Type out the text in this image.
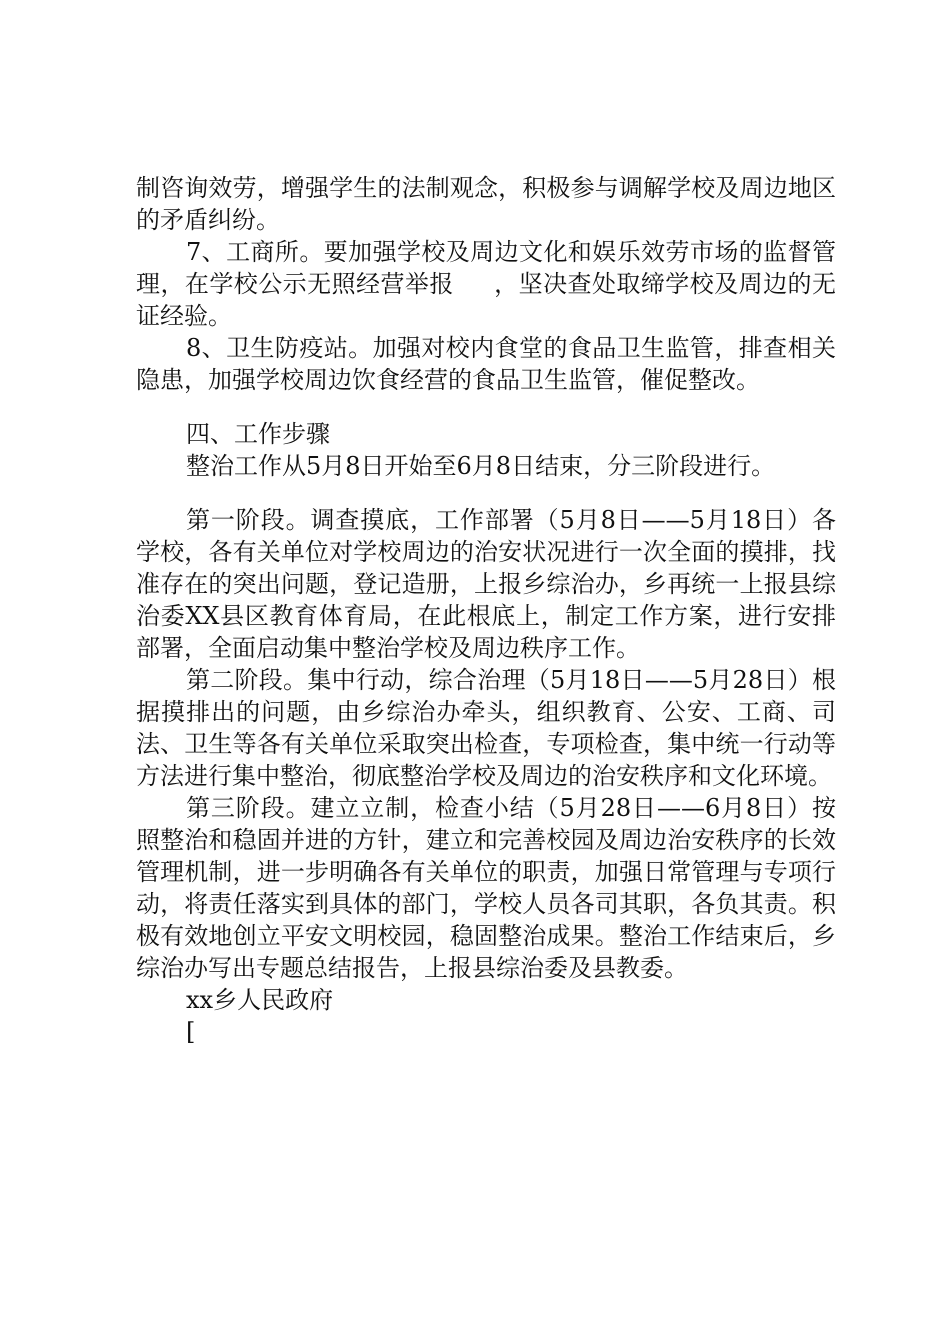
制咨询效劳，增强学生的法制观念，积极参与调解学校及周边地区的矛盾纠纷。

7、工商所。要加强学校及周边文化和娱乐效劳市场的监督管理，在学校公示无照经营举报     ，坚决查处取缔学校及周边的无证经验。

8、卫生防疫站。加强对校内食堂的食品卫生监管，排查相关隐患，加强学校周边饮食经营的食品卫生监管，催促整改。

四、工作步骤

整治工作从5月8日开始至6月8日结束，分三阶段进行。

第一阶段。调查摸底，工作部署（5月8日——5月18日）各学校，各有关单位对学校周边的治安状况进行一次全面的摸排，找准存在的突出问题，登记造册，上报乡综治办，乡再统一上报县综治委XX县区教育体育局，在此根底上，制定工作方案，进行安排部署，全面启动集中整治学校及周边秩序工作。

第二阶段。集中行动，综合治理（5月18日——5月28日）根据摸排出的问题，由乡综治办牵头，组织教育、公安、工商、司法、卫生等各有关单位采取突出检查，专项检查，集中统一行动等方法进行集中整治，彻底整治学校及周边的治安秩序和文化环境。

第三阶段。建立立制，检查小结（5月28日——6月8日）按照整治和稳固并进的方针，建立和完善校园及周边治安秩序的长效管理机制，进一步明确各有关单位的职责，加强日常管理与专项行动，将责任落实到具体的部门，学校人员各司其职，各负其责。积极有效地创立平安文明校园，稳固整治成果。整治工作结束后，乡综治办写出专题总结报告，上报县综治委及县教委。

xx乡人民政府

[
